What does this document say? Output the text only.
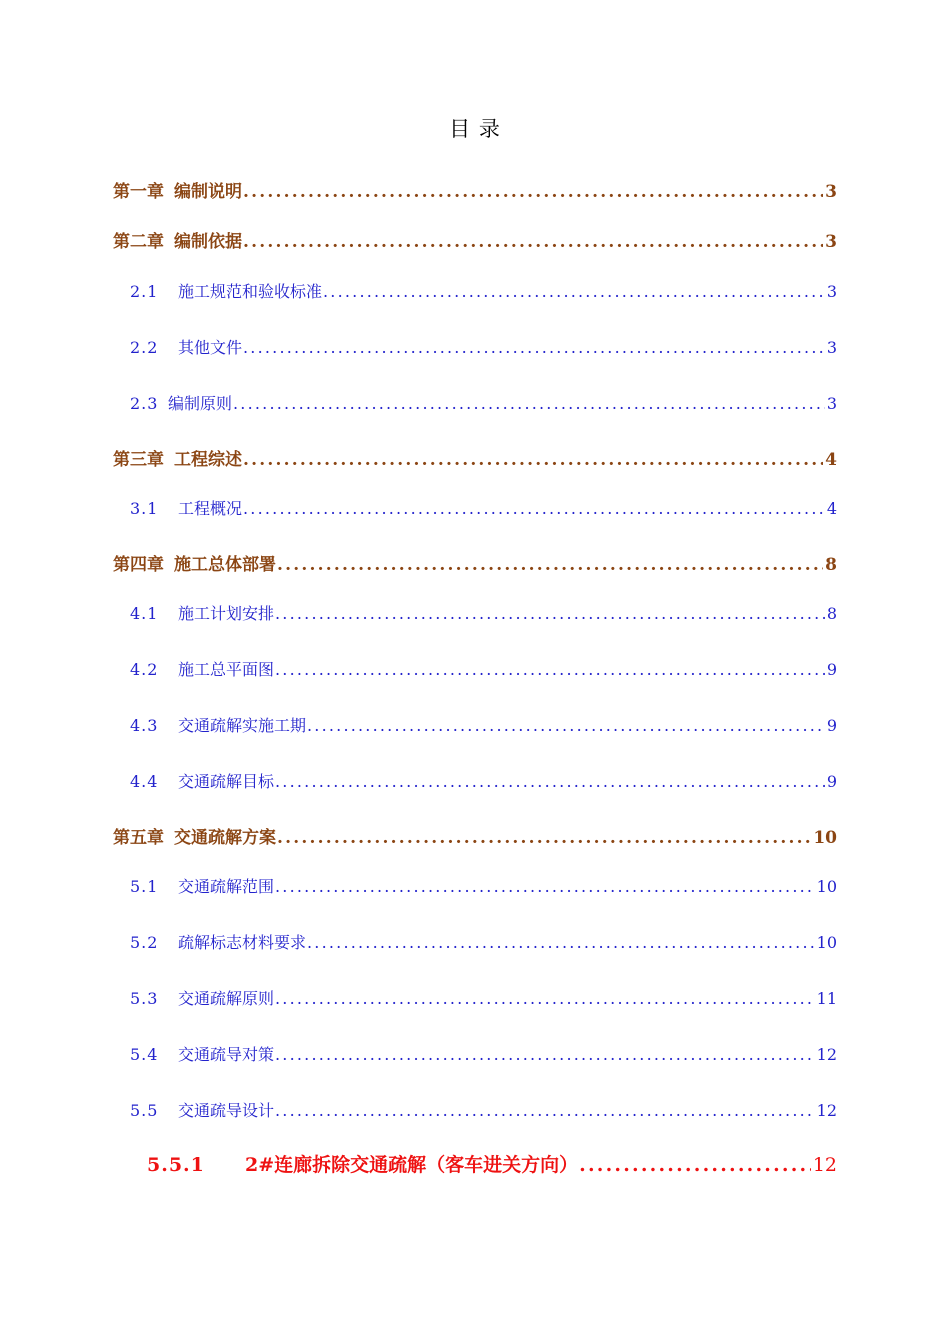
目 录
第一章 编制说明 .....	3
第二章 编制依据 .....	3
2.1	施工规范和验收标准 .....	3
2.2	其他文件 .....	3
2.3 编制原则 .....	3
第三章 工程综述 .....	4
3.1	工程概况 .....	4
第四章 施工总体部署 .....	8
4.1	施工计划安排 .....	8
4.2	施工总平面图 .....	9
4.3	交通疏解实施工期 .....	9
4.4	交通疏解目标 .....	9
第五章 交通疏解方案 .....	10
5.1	交通疏解范围 .....	10
5.2	疏解标志材料要求 .....	10
5.3	交通疏解原则 .....	11
5.4	交通疏导对策 .....	12
5.5	交通疏导设计 .....	12
5.5.1	2#连廊拆除交通疏解（客车进关方向） .....	12
